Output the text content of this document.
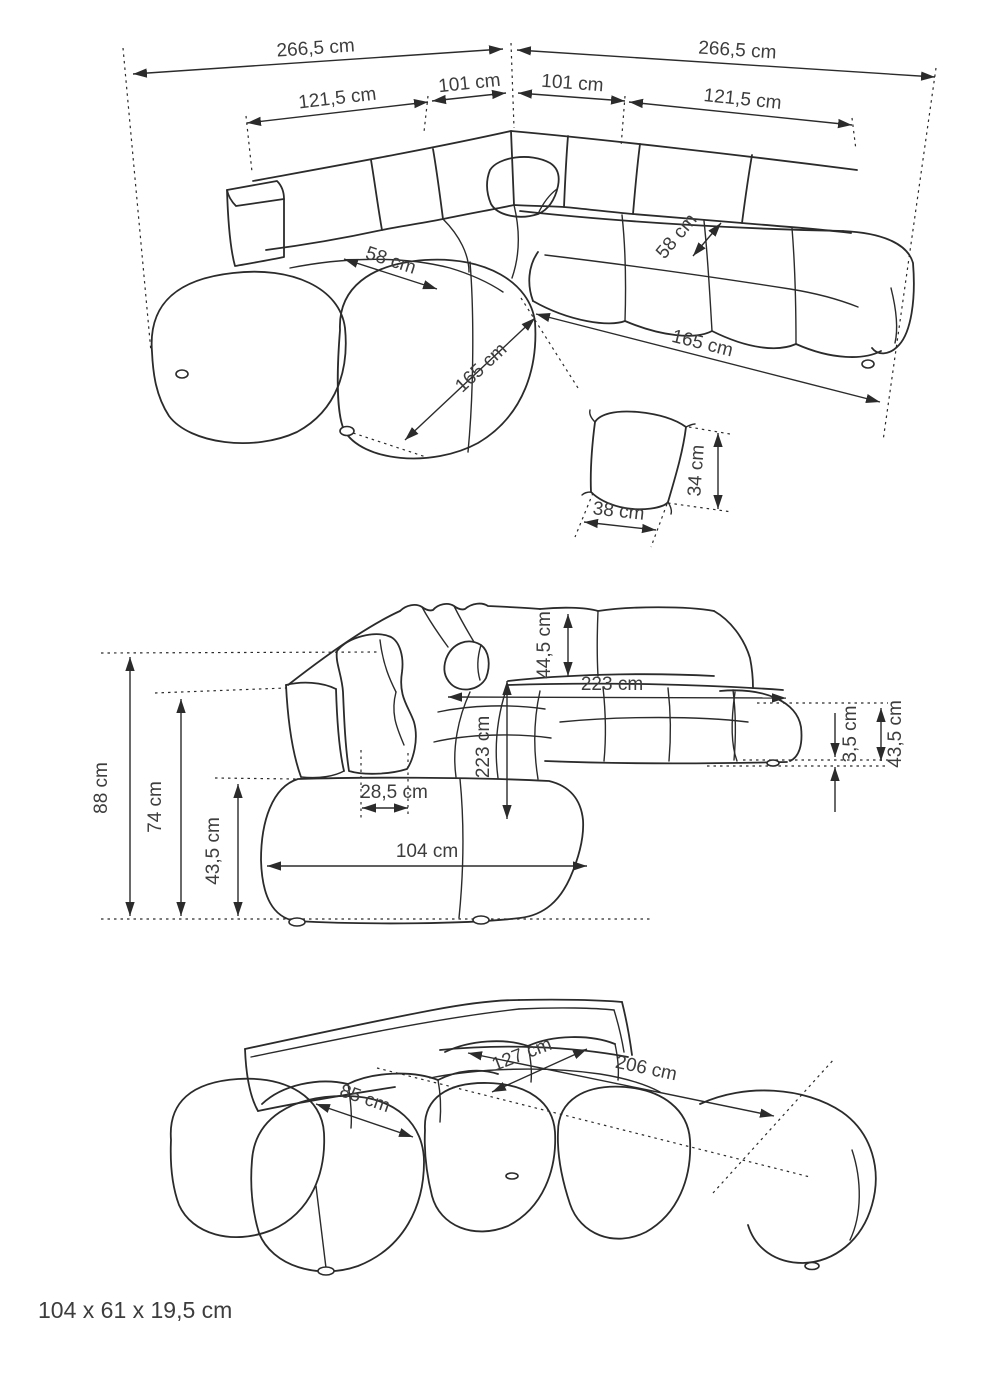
266,5 cm	266,5 cm
121,5 cm
101 cm 101 cm
121,5 cm
58 cm	58 cm
165 cm	165 cm
34 cm
38 cm
88 cm 74 cm
43,5 cm
44,5 cm
223 cm
223 cm
28,5 cm
104 cm
3,5 cm 43,5 cm
85 cm
127 cm	206 cm
104 x 61 x 19,5 cm
